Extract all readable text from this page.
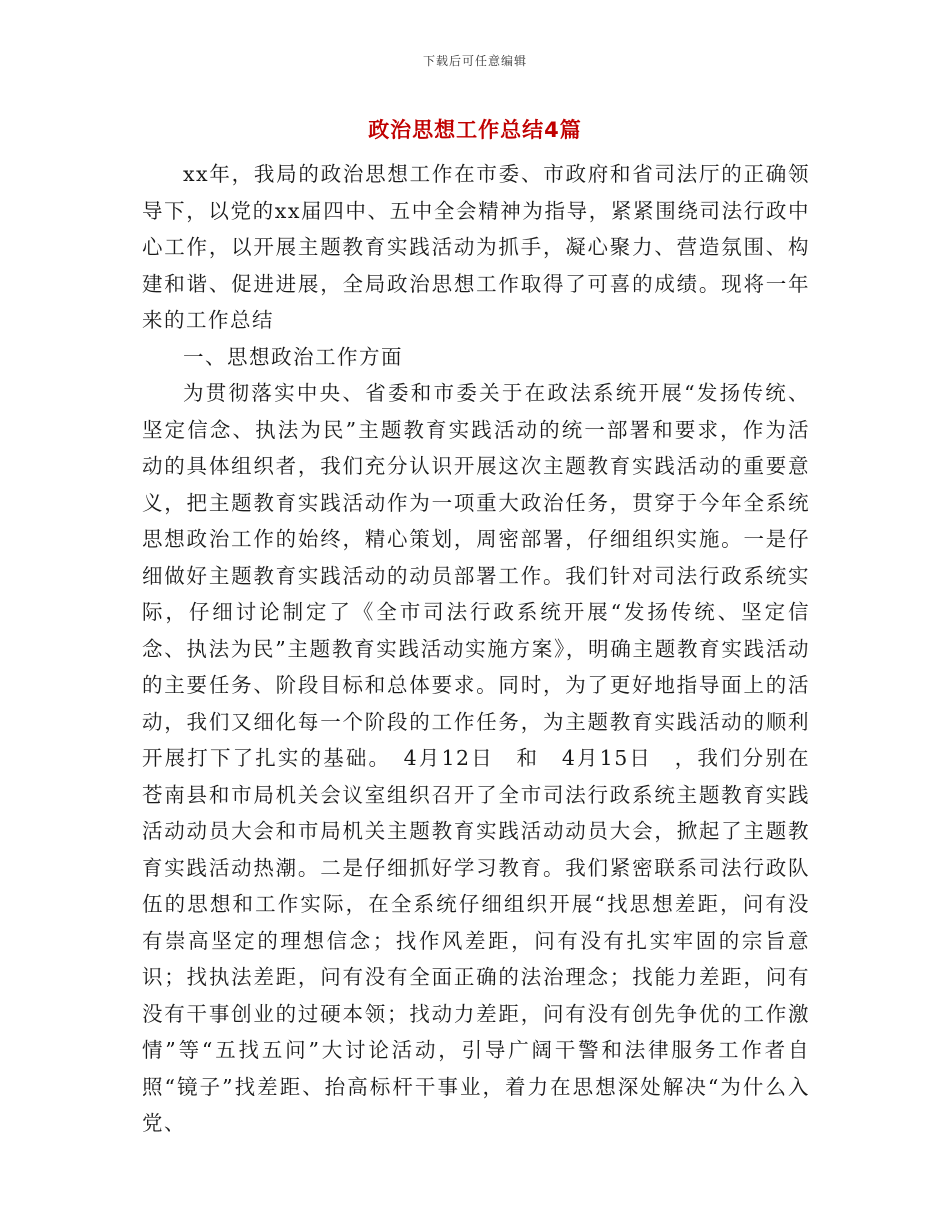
下载后可任意编辑
政治思想工作总结4篇

xx年，我局的政治思想工作在市委、市政府和省司法厅的正确领导下，以党的xx届四中、五中全会精神为指导，紧紧围绕司法行政中心工作，以开展主题教育实践活动为抓手，凝心聚力、营造氛围、构建和谐、促进进展，全局政治思想工作取得了可喜的成绩。现将一年来的工作总结

一、思想政治工作方面

为贯彻落实中央、省委和市委关于在政法系统开展“发扬传统、坚定信念、执法为民”主题教育实践活动的统一部署和要求，作为活动的具体组织者，我们充分认识开展这次主题教育实践活动的重要意义，把主题教育实践活动作为一项重大政治任务，贯穿于今年全系统思想政治工作的始终，精心策划，周密部署，仔细组织实施。一是仔细做好主题教育实践活动的动员部署工作。我们针对司法行政系统实际，仔细讨论制定了《全市司法行政系统开展“发扬传统、坚定信念、执法为民”主题教育实践活动实施方案》，明确主题教育实践活动的主要任务、阶段目标和总体要求。同时，为了更好地指导面上的活动，我们又细化每一个阶段的工作任务，为主题教育实践活动的顺利开展打下了扎实的基础。　4月12日　和　4月15日　，我们分别在苍南县和市局机关会议室组织召开了全市司法行政系统主题教育实践活动动员大会和市局机关主题教育实践活动动员大会，掀起了主题教育实践活动热潮。二是仔细抓好学习教育。我们紧密联系司法行政队伍的思想和工作实际，在全系统仔细组织开展“找思想差距，问有没有崇高坚定的理想信念；找作风差距，问有没有扎实牢固的宗旨意识；找执法差距，问有没有全面正确的法治理念；找能力差距，问有没有干事创业的过硬本领；找动力差距，问有没有创先争优的工作激情”等“五找五问”大讨论活动，引导广阔干警和法律服务工作者自照“镜子”找差距、抬高标杆干事业，着力在思想深处解决“为什么入党、
